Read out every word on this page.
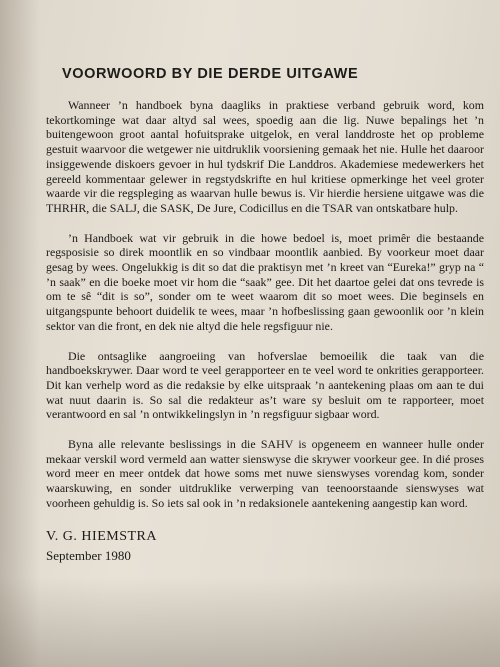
VOORWOORD BY DIE DERDE UITGAWE

Wanneer ’n handboek byna daagliks in praktiese verband gebruik word, kom tekortkominge wat daar altyd sal wees, spoedig aan die lig. Nuwe bepalings het ’n buitengewoon groot aantal hofuitsprake uitgelok, en veral landdroste het op probleme gestuit waarvoor die wetgewer nie uitdruklik voorsiening gemaak het nie. Hulle het daaroor insiggewende diskoers gevoer in hul tydskrif Die Landdros. Akademiese medewerkers het gereeld kommentaar gelewer in regstydskrifte en hul kritiese opmerkinge het veel groter waarde vir die regspleging as waarvan hulle bewus is. Vir hierdie hersiene uitgawe was die THRHR, die SALJ, die SASK, De Jure, Codicillus en die TSAR van ontskatbare hulp.

’n Handboek wat vir gebruik in die howe bedoel is, moet primêr die bestaande regsposisie so direk moontlik en so vindbaar moontlik aanbied. By voorkeur moet daar gesag by wees. Ongelukkig is dit so dat die praktisyn met ’n kreet van “Eureka!” gryp na “ ’n saak” en die boeke moet vir hom die “saak” gee. Dit het daartoe gelei dat ons tevrede is om te sê “dit is so”, sonder om te weet waarom dit so moet wees. Die beginsels en uitgangspunte behoort duidelik te wees, maar ’n hofbeslissing gaan gewoonlik oor ’n klein sektor van die front, en dek nie altyd die hele regsfiguur nie.

Die ontsaglike aangroeiing van hofverslae bemoeilik die taak van die handboekskrywer. Daar word te veel gerapporteer en te veel word te onkrities gerapporteer. Dit kan verhelp word as die redaksie by elke uitspraak ’n aantekening plaas om aan te dui wat nuut daarin is. So sal die redakteur as’t ware sy besluit om te rapporteer, moet verantwoord en sal ’n ontwikkelingslyn in ’n regsfiguur sigbaar word.

Byna alle relevante beslissings in die SAHV is opgeneem en wanneer hulle onder mekaar verskil word vermeld aan watter sienswyse die skrywer voorkeur gee. In dié proses word meer en meer ontdek dat howe soms met nuwe sienswyses vorendag kom, sonder waarskuwing, en sonder uitdruklike verwerping van teenoorstaande sienswyses wat voorheen gehuldig is. So iets sal ook in ’n redaksionele aantekening aangestip kan word.

V. G. HIEMSTRA
September 1980
